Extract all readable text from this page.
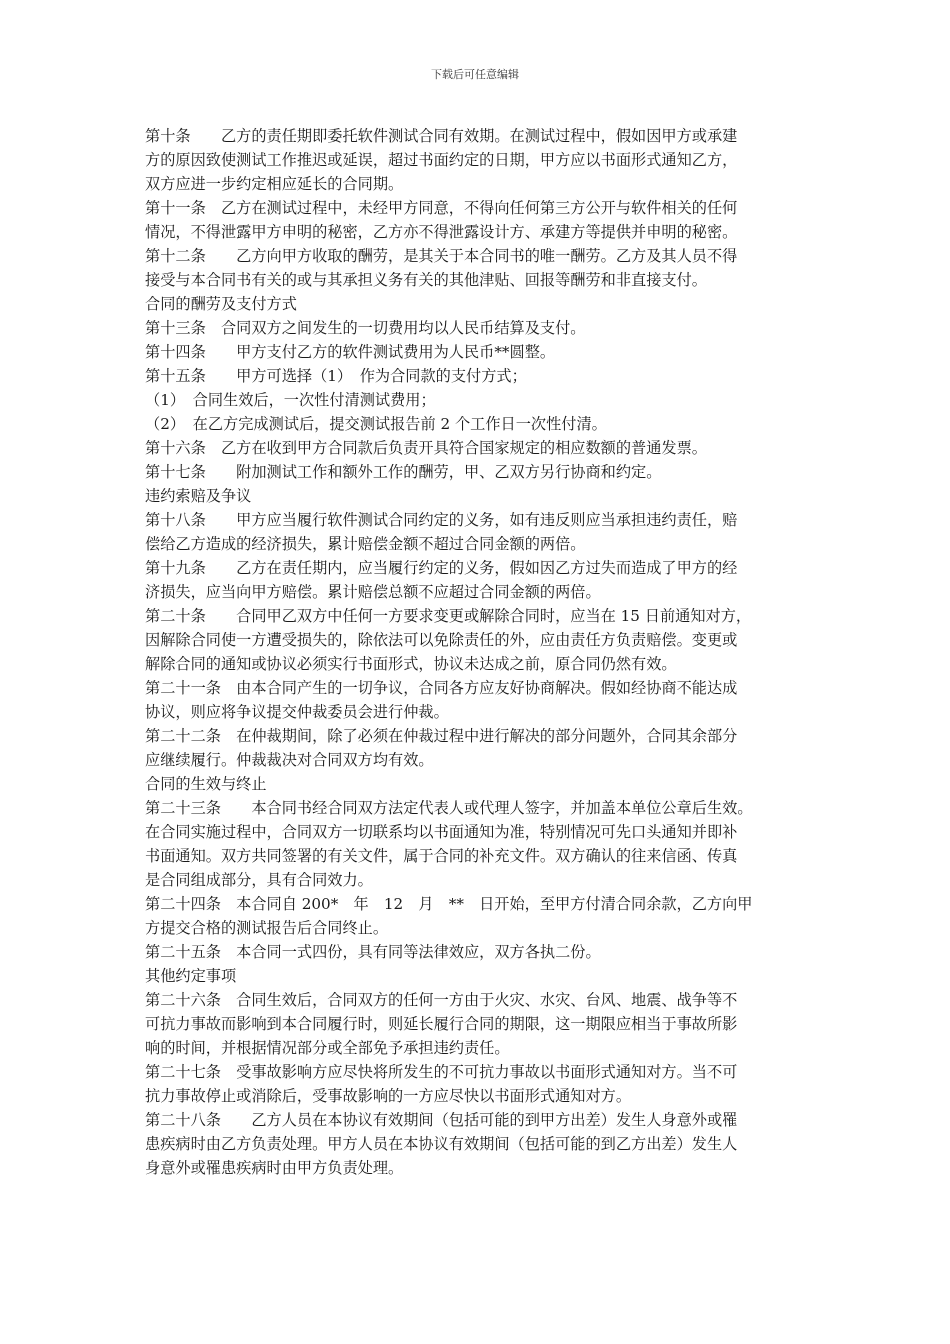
下载后可任意编辑
第十条　　乙方的责任期即委托软件测试合同有效期。在测试过程中，假如因甲方或承建
方的原因致使测试工作推迟或延误，超过书面约定的日期，甲方应以书面形式通知乙方，
双方应进一步约定相应延长的合同期。
第十一条　乙方在测试过程中，未经甲方同意，不得向任何第三方公开与软件相关的任何
情况，不得泄露甲方申明的秘密，乙方亦不得泄露设计方、承建方等提供并申明的秘密。
第十二条　　乙方向甲方收取的酬劳，是其关于本合同书的唯一酬劳。乙方及其人员不得
接受与本合同书有关的或与其承担义务有关的其他津贴、回报等酬劳和非直接支付。
合同的酬劳及支付方式
第十三条　合同双方之间发生的一切费用均以人民币结算及支付。
第十四条　　甲方支付乙方的软件测试费用为人民币**圆整。
第十五条　　甲方可选择（1）　作为合同款的支付方式；
（1）　合同生效后，一次性付清测试费用；
（2）　在乙方完成测试后，提交测试报告前 2 个工作日一次性付清。
第十六条　乙方在收到甲方合同款后负责开具符合国家规定的相应数额的普通发票。
第十七条　　附加测试工作和额外工作的酬劳，甲、乙双方另行协商和约定。
违约索赔及争议
第十八条　　甲方应当履行软件测试合同约定的义务，如有违反则应当承担违约责任，赔
偿给乙方造成的经济损失，累计赔偿金额不超过合同金额的两倍。
第十九条　　乙方在责任期内，应当履行约定的义务，假如因乙方过失而造成了甲方的经
济损失，应当向甲方赔偿。累计赔偿总额不应超过合同金额的两倍。
第二十条　　合同甲乙双方中任何一方要求变更或解除合同时，应当在 15 日前通知对方，
因解除合同使一方遭受损失的，除依法可以免除责任的外，应由责任方负责赔偿。变更或
解除合同的通知或协议必须实行书面形式，协议未达成之前，原合同仍然有效。
第二十一条　由本合同产生的一切争议，合同各方应友好协商解决。假如经协商不能达成
协议，则应将争议提交仲裁委员会进行仲裁。
第二十二条　在仲裁期间，除了必须在仲裁过程中进行解决的部分问题外，合同其余部分
应继续履行。仲裁裁决对合同双方均有效。
合同的生效与终止
第二十三条　　本合同书经合同双方法定代表人或代理人签字，并加盖本单位公章后生效。
在合同实施过程中，合同双方一切联系均以书面通知为准，特别情况可先口头通知并即补
书面通知。双方共同签署的有关文件，属于合同的补充文件。双方确认的往来信函、传真
是合同组成部分，具有合同效力。
第二十四条　本合同自 200*　年　12　月　**　日开始，至甲方付清合同余款，乙方向甲
方提交合格的测试报告后合同终止。
第二十五条　本合同一式四份，具有同等法律效应，双方各执二份。
其他约定事项
第二十六条　合同生效后，合同双方的任何一方由于火灾、水灾、台风、地震、战争等不
可抗力事故而影响到本合同履行时，则延长履行合同的期限，这一期限应相当于事故所影
响的时间，并根据情况部分或全部免予承担违约责任。
第二十七条　受事故影响方应尽快将所发生的不可抗力事故以书面形式通知对方。当不可
抗力事故停止或消除后，受事故影响的一方应尽快以书面形式通知对方。
第二十八条　　乙方人员在本协议有效期间（包括可能的到甲方出差）发生人身意外或罹
患疾病时由乙方负责处理。甲方人员在本协议有效期间（包括可能的到乙方出差）发生人
身意外或罹患疾病时由甲方负责处理。
